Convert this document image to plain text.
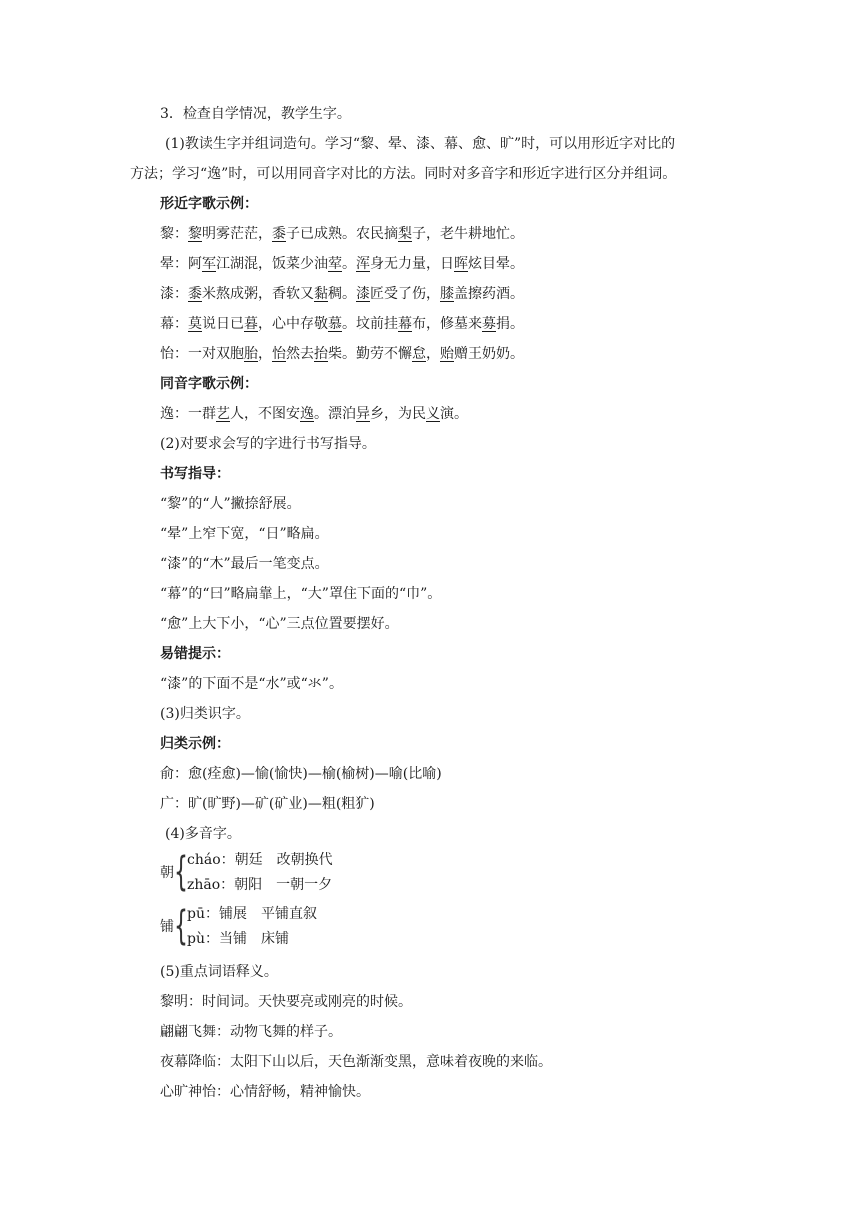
3．检查自学情况，教学生字。
(1)教读生字并组词造句。学习“黎、晕、漆、幕、愈、旷”时，可以用形近字对比的
方法；学习“逸”时，可以用同音字对比的方法。同时对多音字和形近字进行区分并组词。
形近字歌示例：
黎：黎明雾茫茫，黍子已成熟。农民摘梨子，老牛耕地忙。
晕：阿军江湖混，饭菜少油荤。浑身无力量，日晖炫目晕。
漆：黍米熬成粥，香软又黏稠。漆匠受了伤，膝盖擦药酒。
幕：莫说日已暮，心中存敬慕。坟前挂幕布，修墓来募捐。
怡：一对双胞胎，怡然去抬柴。勤劳不懈怠，贻赠王奶奶。
同音字歌示例：
逸：一群艺人，不图安逸。漂泊异乡，为民义演。
(2)对要求会写的字进行书写指导。
书写指导：
“黎”的“人”撇捺舒展。
“晕”上窄下宽，“日”略扁。
“漆”的“木”最后一笔变点。
“幕”的“曰”略扁靠上，“大”罩住下面的“巾”。
“愈”上大下小，“心”三点位置要摆好。
易错提示：
“漆”的下面不是“水”或“氺”。
(3)归类识字。
归类示例：
俞：愈(痊愈)—愉(愉快)—榆(榆树)—喻(比喻)
广：旷(旷野)—矿(矿业)—粗(粗犷)
(4)多音字。
朝 { cháo：朝廷 改朝换代
zhāo：朝阳 一朝一夕
铺 { pū：铺展 平铺直叙
pù：当铺 床铺
(5)重点词语释义。
黎明：时间词。天快要亮或刚亮的时候。
翩翩飞舞：动物飞舞的样子。
夜幕降临：太阳下山以后，天色渐渐变黑，意味着夜晚的来临。
心旷神怡：心情舒畅，精神愉快。
